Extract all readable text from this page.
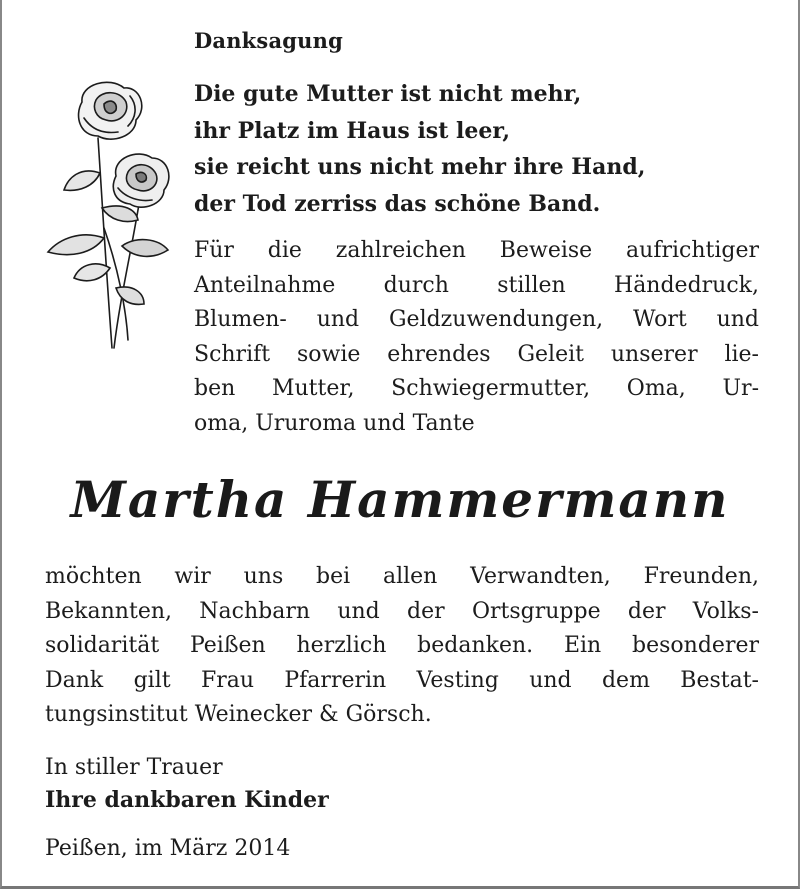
Danksagung
Die gute Mutter ist nicht mehr,
ihr Platz im Haus ist leer,
sie reicht uns nicht mehr ihre Hand,
der Tod zerriss das schöne Band.
Für die zahlreichen Beweise aufrichtiger
Anteilnahme durch stillen Händedruck,
Blumen- und Geldzuwendungen, Wort und
Schrift sowie ehrendes Geleit unserer lie-
ben Mutter, Schwiegermutter, Oma, Ur-
oma, Ururoma und Tante
Martha Hammermann
möchten wir uns bei allen Verwandten, Freunden,
Bekannten, Nachbarn und der Ortsgruppe der Volks-
solidarität Peißen herzlich bedanken. Ein besonderer
Dank gilt Frau Pfarrerin Vesting und dem Bestat-
tungsinstitut Weinecker & Görsch.
In stiller Trauer
Ihre dankbaren Kinder
Peißen, im März 2014
